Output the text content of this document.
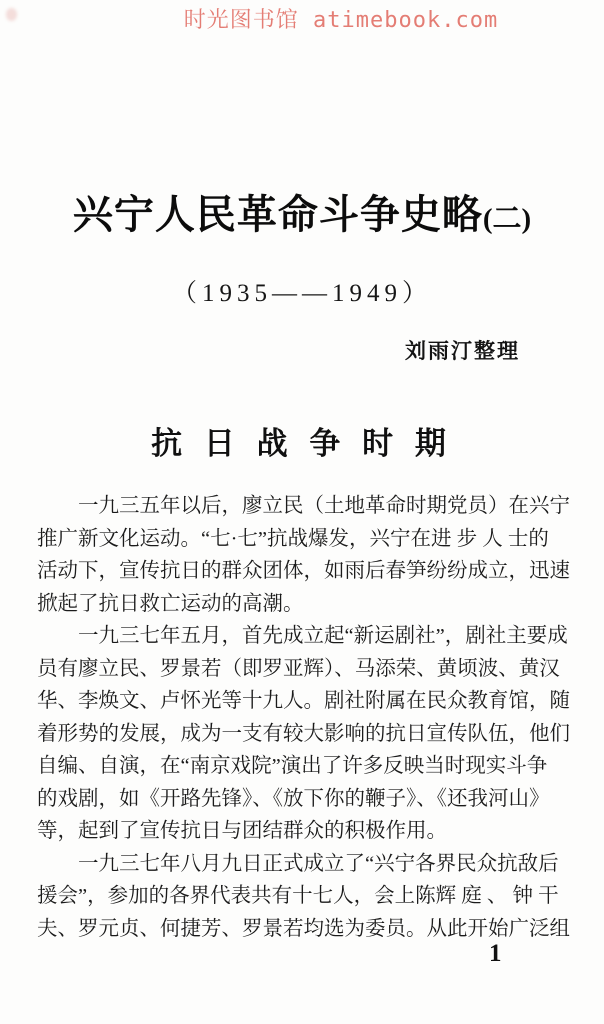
时光图书馆 atimebook.com
兴宁人民革命斗争史略(二)
（1935——1949）
刘雨汀整理
抗 日 战 争 时 期
一九三五年以后，廖立民（土地革命时期党员）在兴宁
推广新文化运动。“七·七”抗战爆发，兴宁在进 步 人 士的
活动下，宣传抗日的群众团体，如雨后春笋纷纷成立，迅速
掀起了抗日救亡运动的高潮。
一九三七年五月，首先成立起“新运剧社”，剧社主要成
员有廖立民、罗景若（即罗亚辉）、马添荣、黄顷波、黄汉
华、李焕文、卢怀光等十九人。剧社附属在民众教育馆，随
着形势的发展，成为一支有较大影响的抗日宣传队伍，他们
自编、自演，在“南京戏院”演出了许多反映当时现实斗争
的戏剧，如《开路先锋》、《放下你的鞭子》、《还我河山》
等，起到了宣传抗日与团结群众的积极作用。
一九三七年八月九日正式成立了“兴宁各界民众抗敌后
援会”，参加的各界代表共有十七人，会上陈辉 庭 、 钟 干
夫、罗元贞、何捷芳、罗景若均选为委员。从此开始广泛组
1
